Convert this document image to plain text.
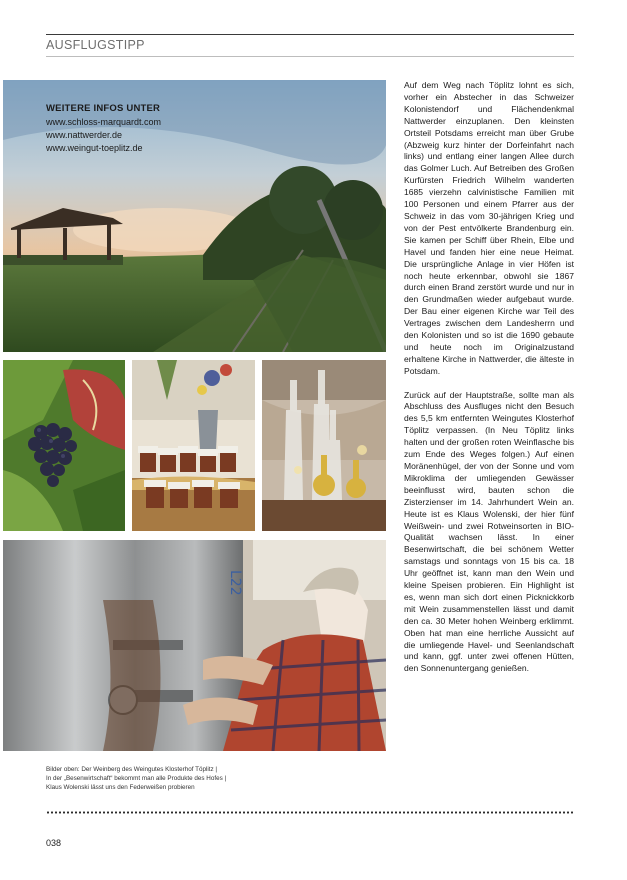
AUSFLUGSTIPP
WEITERE INFOS UNTER
www.schloss-marquardt.com
www.nattwerder.de
www.weingut-toeplitz.de
L22
Bilder oben: Der Weinberg des Weingutes Klosterhof Töplitz |
In der „Besenwirtschaft“ bekommt man alle Produkte des Hofes |
Klaus Wolenski lässt uns den Federweißen probieren

Auf dem Weg nach Töplitz lohnt es sich, vorher ein Abstecher in das Schweizer Kolonistendorf und Flächendenkmal Nattwerder einzuplanen. Den kleinsten Ortsteil Potsdams erreicht man über Grube (Abzweig kurz hinter der Dorfeinfahrt nach links) und entlang einer langen Allee durch das Golmer Luch. Auf Betreiben des Großen Kurfürsten Friedrich Wilhelm wanderten 1685 vierzehn calvinistische Familien mit 100 Personen und einem Pfarrer aus der Schweiz in das vom 30-jährigen Krieg und von der Pest entvölkerte Brandenburg ein. Sie kamen per Schiff über Rhein, Elbe und Havel und fanden hier eine neue Heimat. Die ursprüngliche Anlage in vier Höfen ist noch heute erkennbar, obwohl sie 1867 durch einen Brand zerstört wurde und nur in den Grundmaßen wieder aufgebaut wurde. Der Bau einer eigenen Kirche war Teil des Vertrages zwischen dem Landesherrn und den Kolonisten und so ist die 1690 gebaute und heute noch im Originalzustand erhaltene Kirche in Nattwerder, die älteste in Potsdam.

Zurück auf der Hauptstraße, sollte man als Abschluss des Ausfluges nicht den Besuch des 5,5 km entfernten Weingutes Klosterhof Töplitz verpassen. (In Neu Töplitz links halten und der großen roten Weinflasche bis zum Ende des Weges folgen.) Auf einen Moränenhügel, der von der Sonne und vom Mikroklima der umliegenden Gewässer beeinflusst wird, bauten schon die Zisterzienser im 14. Jahrhundert Wein an. Heute ist es Klaus Wolenski, der hier fünf Weißwein- und zwei Rotweinsorten in BIO-Qualität wachsen lässt. In einer Besenwirtschaft, die bei schönem Wetter samstags und sonntags von 15 bis ca. 18 Uhr geöffnet ist, kann man den Wein und kleine Speisen probieren. Ein Highlight ist es, wenn man sich dort einen Picknickkorb mit Wein zusammenstellen lässt und damit den ca. 30 Meter hohen Weinberg erklimmt. Oben hat man eine herrliche Aussicht auf die umliegende Havel- und Seenlandschaft und kann, ggf. unter zwei offenen Hütten, den Sonnenuntergang genießen.

038
